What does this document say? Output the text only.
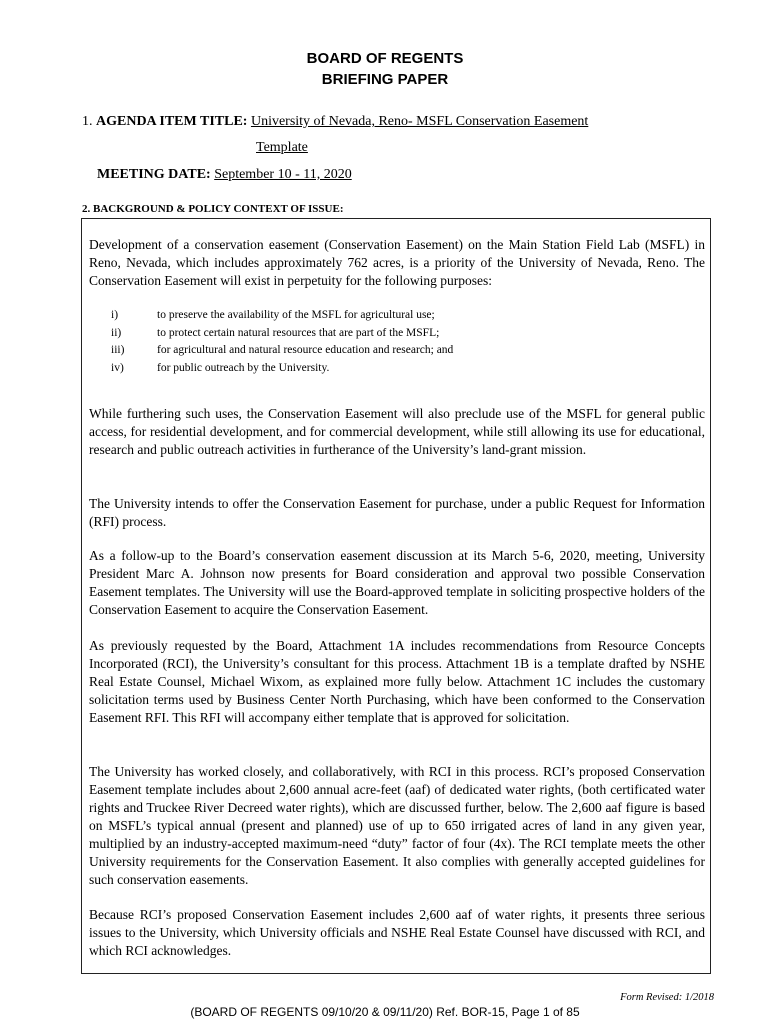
BOARD OF REGENTS
BRIEFING PAPER
1. AGENDA ITEM TITLE: University of Nevada, Reno- MSFL Conservation Easement
Template
MEETING DATE: September 10 - 11, 2020
2. BACKGROUND & POLICY CONTEXT OF ISSUE:

Development of a conservation easement (Conservation Easement) on the Main Station Field Lab (MSFL) in Reno, Nevada, which includes approximately 762 acres, is a priority of the University of Nevada, Reno. The Conservation Easement will exist in perpetuity for the following purposes:

i)	to preserve the availability of the MSFL for agricultural use;
ii)	to protect certain natural resources that are part of the MSFL;
iii)	for agricultural and natural resource education and research; and
iv)	for public outreach by the University.

While furthering such uses, the Conservation Easement will also preclude use of the MSFL for general public access, for residential development, and for commercial development, while still allowing its use for educational, research and public outreach activities in furtherance of the University’s land-grant mission.

The University intends to offer the Conservation Easement for purchase, under a public Request for Information (RFI) process.

As a follow-up to the Board’s conservation easement discussion at its March 5-6, 2020, meeting, University President Marc A. Johnson now presents for Board consideration and approval two possible Conservation Easement templates. The University will use the Board-approved template in soliciting prospective holders of the Conservation Easement to acquire the Conservation Easement.

As previously requested by the Board, Attachment 1A includes recommendations from Resource Concepts Incorporated (RCI), the University’s consultant for this process. Attachment 1B is a template drafted by NSHE Real Estate Counsel, Michael Wixom, as explained more fully below. Attachment 1C includes the customary solicitation terms used by Business Center North Purchasing, which have been conformed to the Conservation Easement RFI. This RFI will accompany either template that is approved for solicitation.

The University has worked closely, and collaboratively, with RCI in this process. RCI’s proposed Conservation Easement template includes about 2,600 annual acre-feet (aaf) of dedicated water rights, (both certificated water rights and Truckee River Decreed water rights), which are discussed further, below. The 2,600 aaf figure is based on MSFL’s typical annual (present and planned) use of up to 650 irrigated acres of land in any given year, multiplied by an industry-accepted maximum-need “duty” factor of four (4x). The RCI template meets the other University requirements for the Conservation Easement. It also complies with generally accepted guidelines for such conservation easements.

Because RCI’s proposed Conservation Easement includes 2,600 aaf of water rights, it presents three serious issues to the University, which University officials and NSHE Real Estate Counsel have discussed with RCI, and which RCI acknowledges.

Form Revised: 1/2018
(BOARD OF REGENTS 09/10/20 & 09/11/20) Ref. BOR-15, Page 1 of 85
